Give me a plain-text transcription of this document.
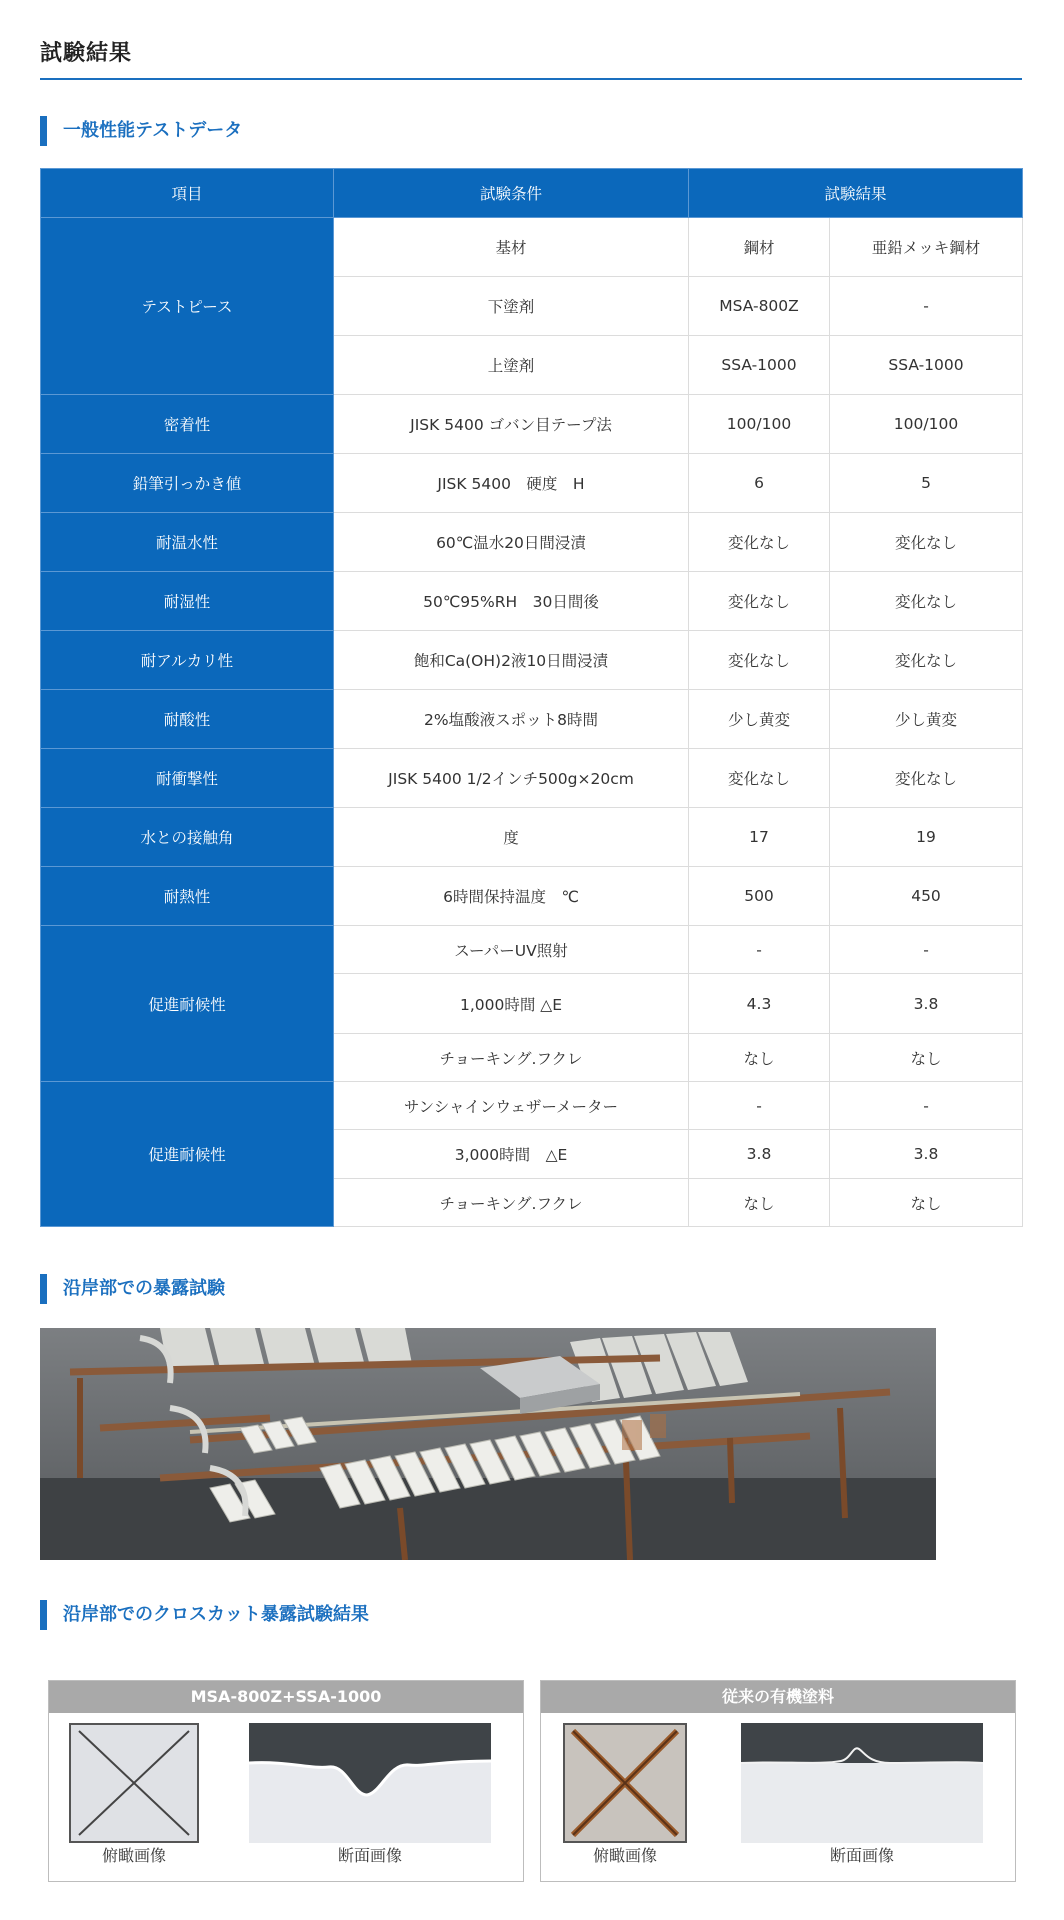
試験結果
一般性能テストデータ
項目	試験条件	試験結果	
テストピース	基材	鋼材	亜鉛メッキ鋼材
	下塗剤	MSA-800Z	-
	上塗剤	SSA-1000	SSA-1000
密着性	JISK 5400 ゴバン目テープ法	100/100	100/100
鉛筆引っかき値	JISK 5400　硬度　H	6	5
耐温水性	60℃温水20日間浸漬	変化なし	変化なし
耐湿性	50℃95%RH　30日間後	変化なし	変化なし
耐アルカリ性	飽和Ca(OH)2液10日間浸漬	変化なし	変化なし
耐酸性	2%塩酸液スポット8時間	少し黄変	少し黄変
耐衝撃性	JISK 5400 1/2インチ500g×20cm	変化なし	変化なし
水との接触角	度	17	19
耐熱性	6時間保持温度　℃	500	450
促進耐候性	スーパーUV照射	-	-
	1,000時間 △E	4.3	3.8
	チョーキング.フクレ	なし	なし
促進耐候性	サンシャインウェザーメーター	-	-
	3,000時間　△E	3.8	3.8
	チョーキング.フクレ	なし	なし
沿岸部での暴露試験
沿岸部でのクロスカット暴露試験結果
MSA-800Z+SSA-1000
俯瞰画像	断面画像
従来の有機塗料
俯瞰画像	断面画像
